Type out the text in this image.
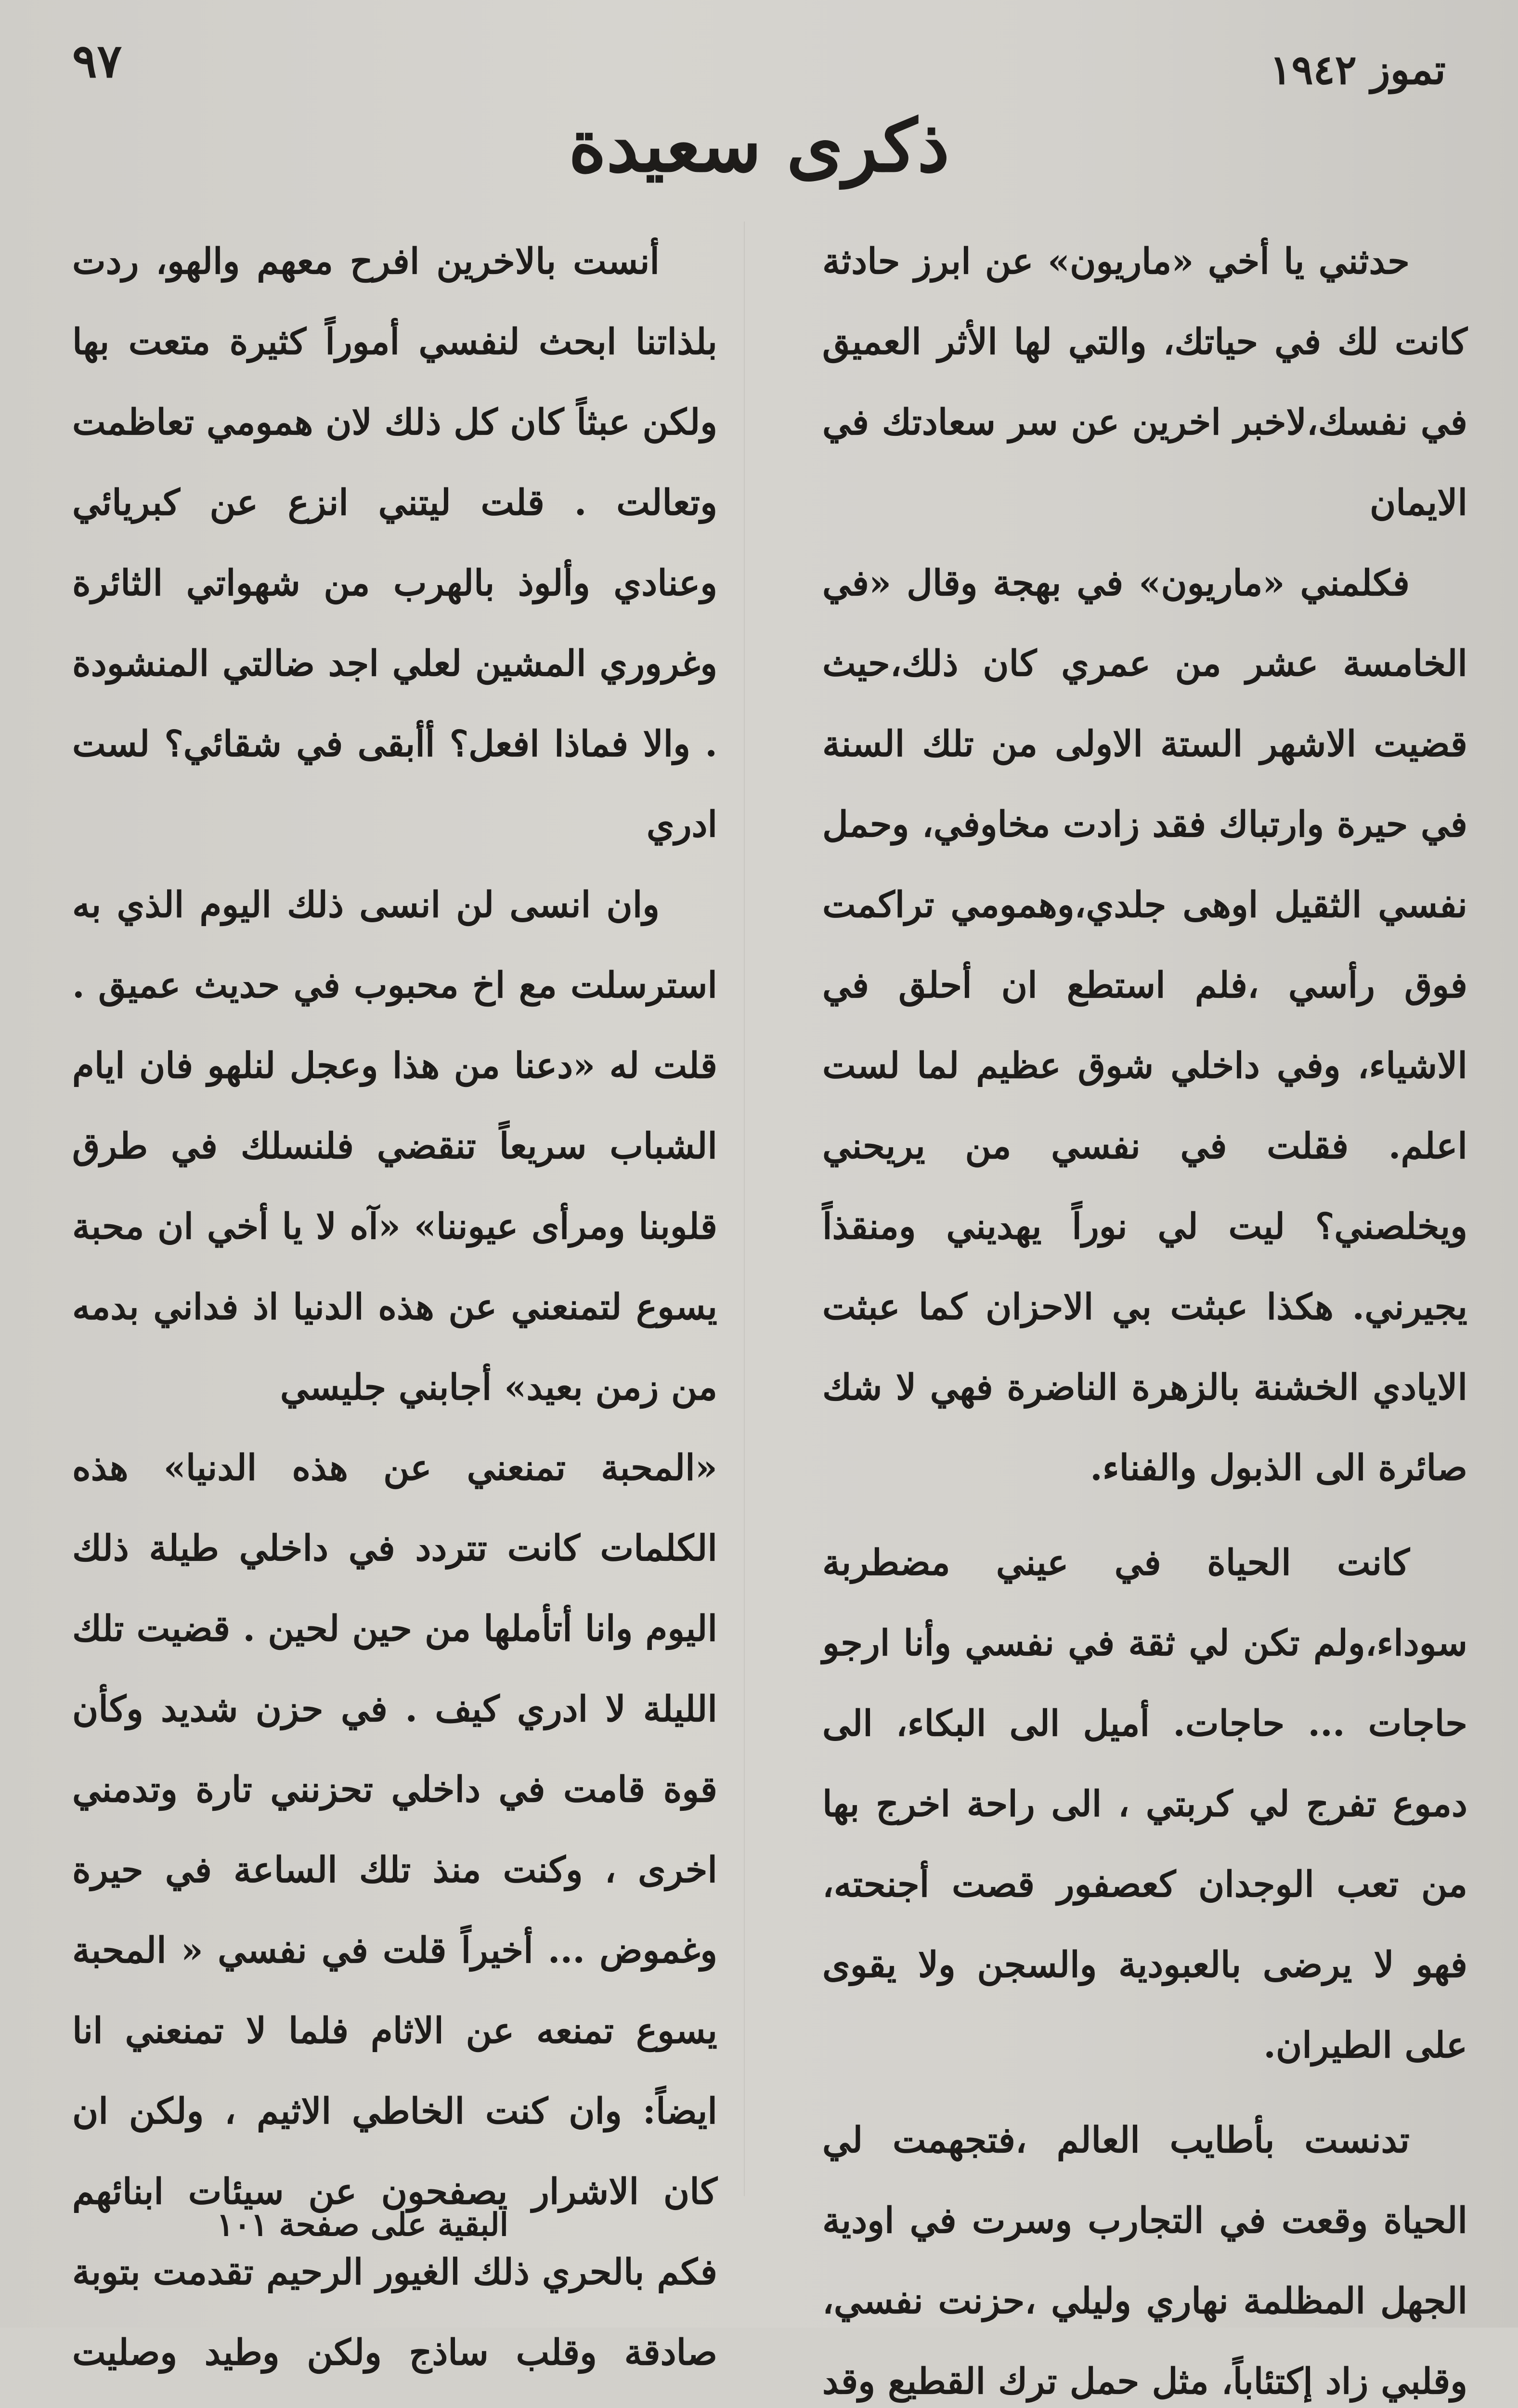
٩٧	تموز ١٩٤٢
ذكرى سعيدة

حدثني يا أخي «ماريون» عن ابرز حادثة كانت لك في حياتك، والتي لها الأثر العميق في نفسك،لاخبر اخرين عن سر سعادتك في الايمان

فكلمني «ماريون» في بهجة وقال «في الخامسة عشر من عمري كان ذلك،حيث قضيت الاشهر الستة الاولى من تلك السنة في حيرة وارتباك فقد زادت مخاوفي، وحمل نفسي الثقيل اوهى جلدي،وهمومي تراكمت فوق رأسي ،فلم استطع ان أحلق في الاشياء، وفي داخلي شوق عظيم لما لست اعلم. فقلت في نفسي من يريحني ويخلصني؟ ليت لي نوراً يهديني ومنقذاً يجيرني. هكذا عبثت بي الاحزان كما عبثت الايادي الخشنة بالزهرة الناضرة فهي لا شك صائرة الى الذبول والفناء.

كانت الحياة في عيني مضطربة سوداء،ولم تكن لي ثقة في نفسي وأنا ارجو حاجات ... حاجات. أميل الى البكاء، الى دموع تفرج لي كربتي ، الى راحة اخرج بها من تعب الوجدان كعصفور قصت أجنحته، فهو لا يرضى بالعبودية والسجن ولا يقوى على الطيران.

تدنست بأطايب العالم ،فتجهمت لي الحياة وقعت في التجارب وسرت في اودية الجهل المظلمة نهاري وليلي ،حزنت نفسي، وقلبي زاد إكتئاباً، مثل حمل ترك القطيع وقد

أنست بالاخرين افرح معهم والهو، ردت بلذاتنا ابحث لنفسي أموراً كثيرة متعت بها ولكن عبثاً كان كل ذلك لان همومي تعاظمت وتعالت . قلت ليتني انزع عن كبريائي وعنادي وألوذ بالهرب من شهواتي الثائرة وغروري المشين لعلي اجد ضالتي المنشودة . والا فماذا افعل؟ أأبقى في شقائي؟ لست ادري

وان انسى لن انسى ذلك اليوم الذي به استرسلت مع اخ محبوب في حديث عميق . قلت له «دعنا من هذا وعجل لنلهو فان ايام الشباب سريعاً تنقضي فلنسلك في طرق قلوبنا ومرأى عيوننا» «آه لا يا أخي ان محبة يسوع لتمنعني عن هذه الدنيا اذ فداني بدمه من زمن بعيد» أجابني جليسي

«المحبة تمنعني عن هذه الدنيا» هذه الكلمات كانت تتردد في داخلي طيلة ذلك اليوم وانا أتأملها من حين لحين . قضيت تلك الليلة لا ادري كيف . في حزن شديد وكأن قوة قامت في داخلي تحزنني تارة وتدمني اخرى ، وكنت منذ تلك الساعة في حيرة وغموض ... أخيراً قلت في نفسي « المحبة يسوع تمنعه عن الاثام فلما لا تمنعني انا ايضاً: وان كنت الخاطي الاثيم ، ولكن ان كان الاشرار يصفحون عن سيئات ابنائهم فكم بالحري ذلك الغيور الرحيم تقدمت بتوبة صادقة وقلب ساذج ولكن وطيد وصليت

البقية على صفحة ١٠١
